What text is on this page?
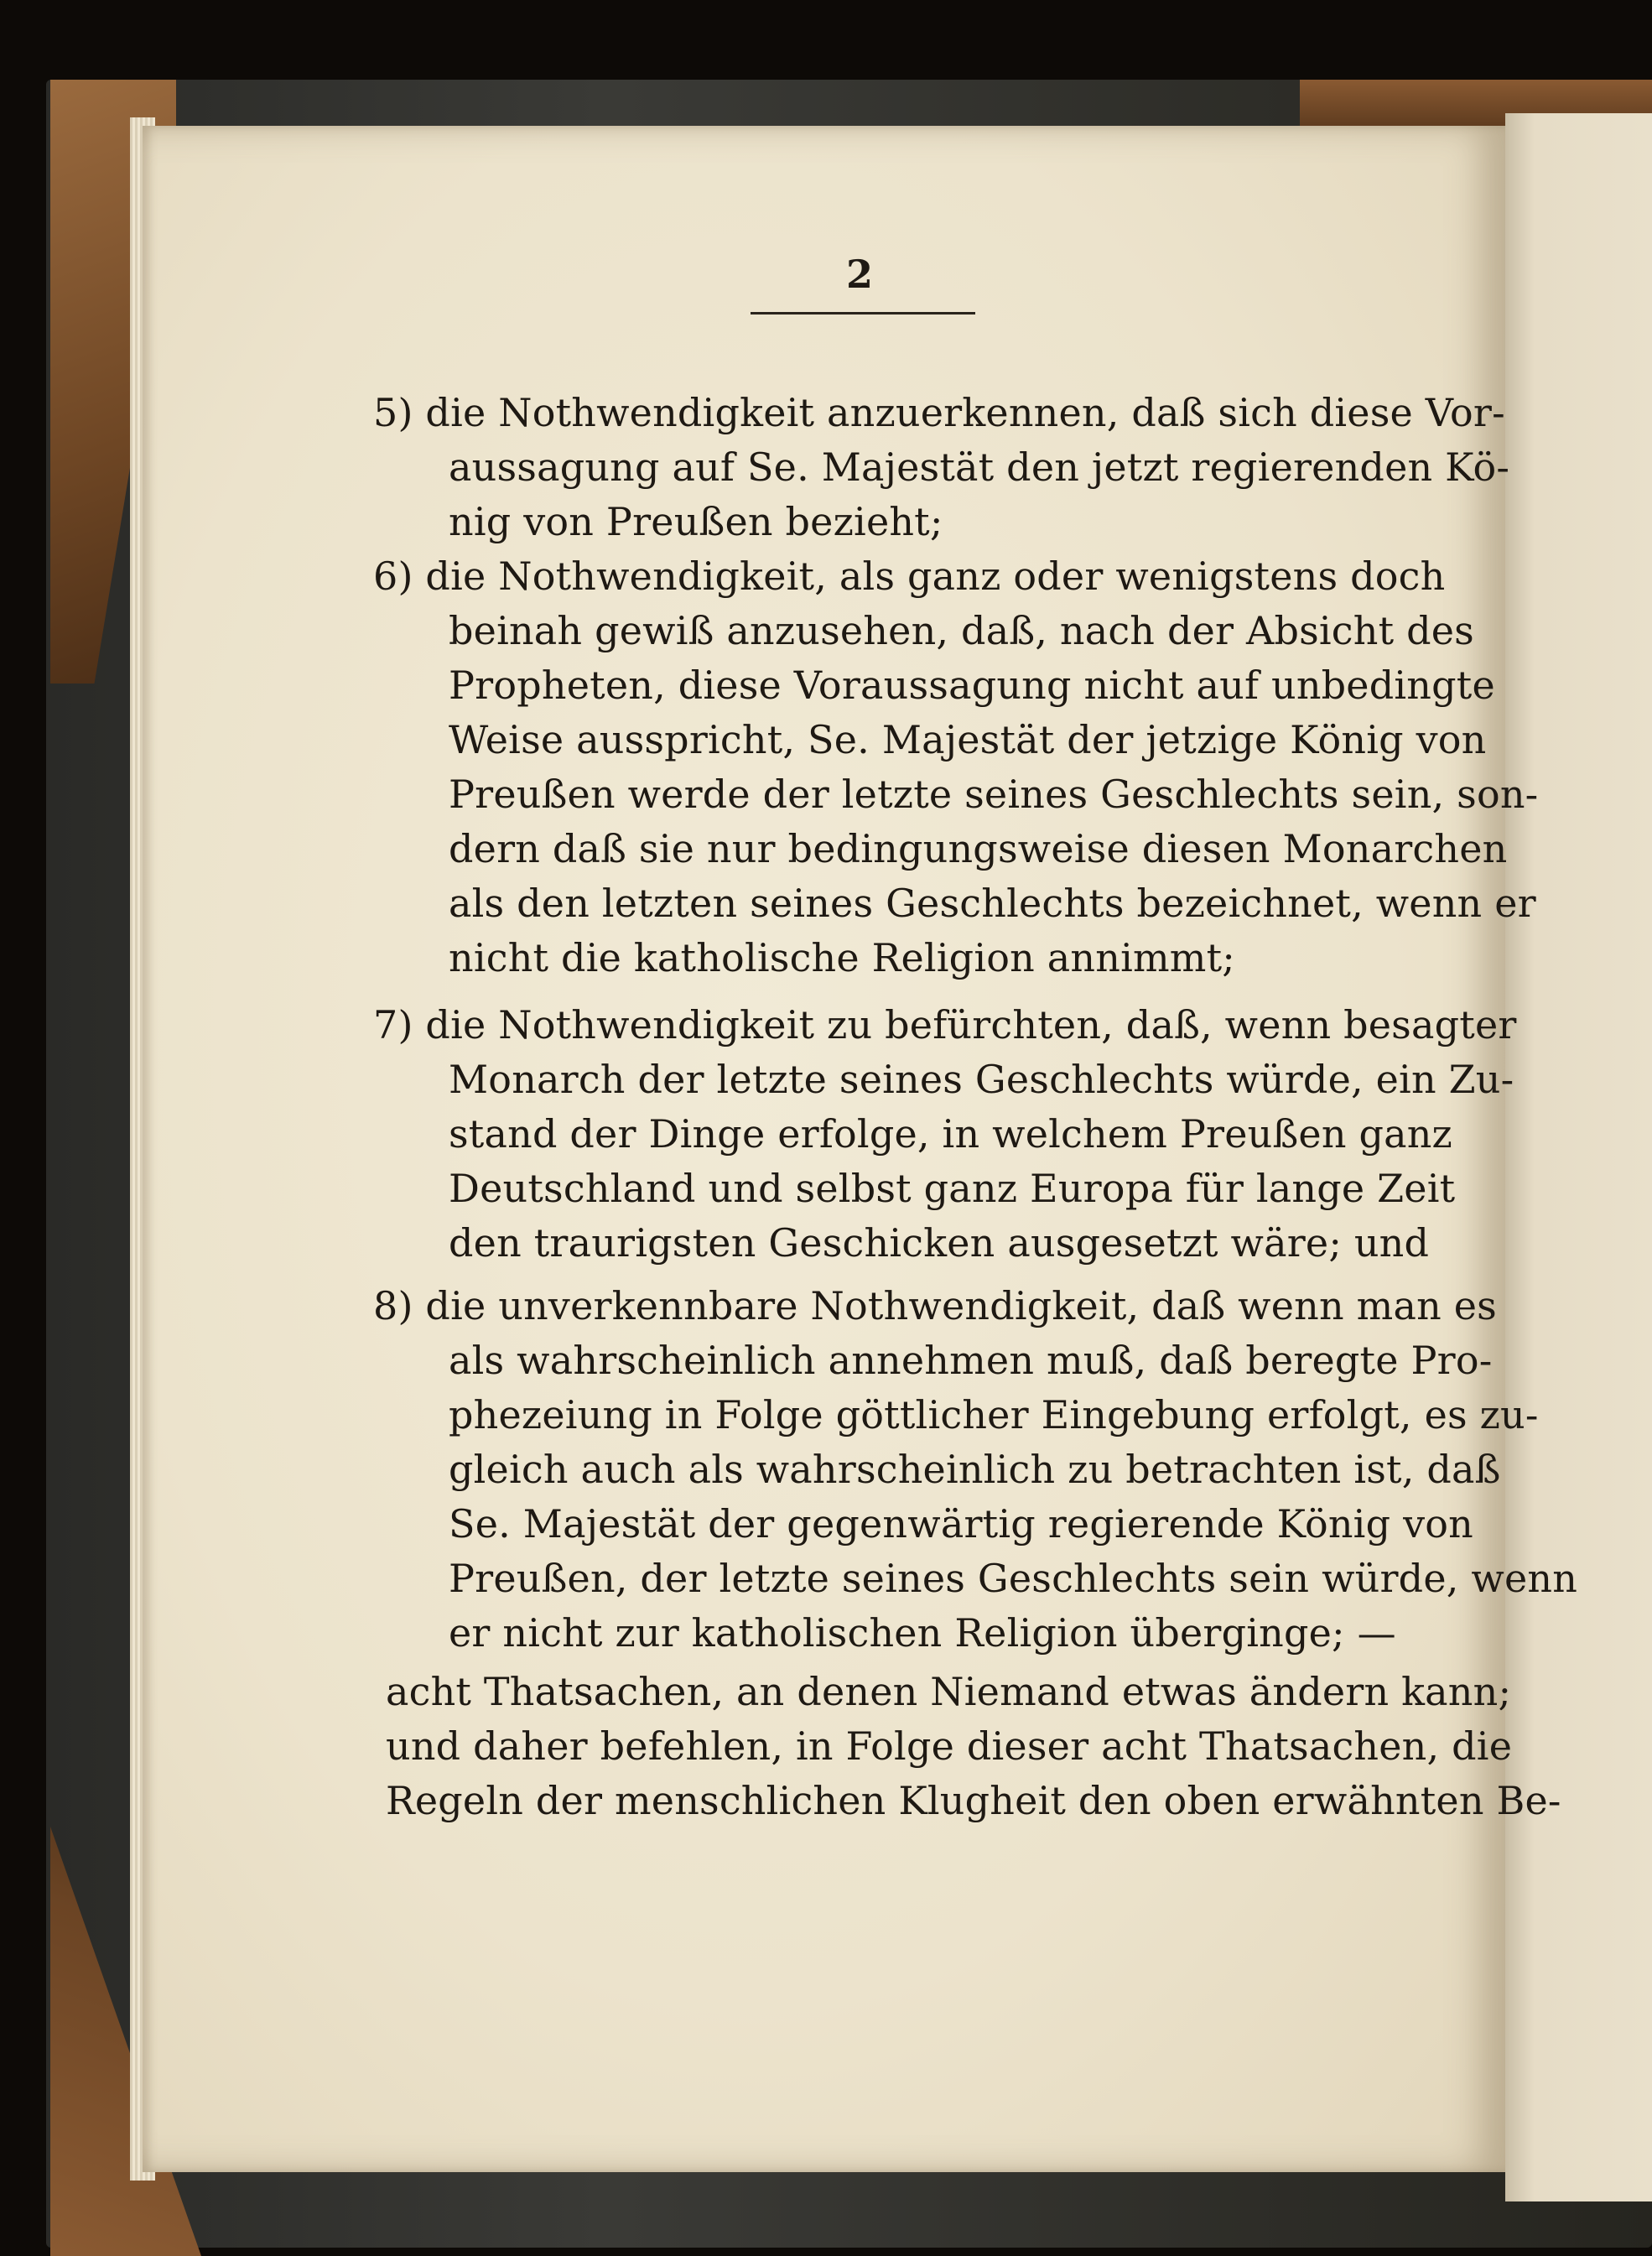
2
5) die Nothwendigkeit anzuerkennen, daß sich diese Vor-
aussagung auf Se. Majestät den jetzt regierenden Kö-
nig von Preußen bezieht;
6) die Nothwendigkeit, als ganz oder wenigstens doch
beinah gewiß anzusehen, daß, nach der Absicht des
Propheten, diese Voraussagung nicht auf unbedingte
Weise ausspricht, Se. Majestät der jetzige König von
Preußen werde der letzte seines Geschlechts sein, son-
dern daß sie nur bedingungsweise diesen Monarchen
als den letzten seines Geschlechts bezeichnet, wenn er
nicht die katholische Religion annimmt;
7) die Nothwendigkeit zu befürchten, daß, wenn besagter
Monarch der letzte seines Geschlechts würde, ein Zu-
stand der Dinge erfolge, in welchem Preußen ganz
Deutschland und selbst ganz Europa für lange Zeit
den traurigsten Geschicken ausgesetzt wäre; und
8) die unverkennbare Nothwendigkeit, daß wenn man es
als wahrscheinlich annehmen muß, daß beregte Pro-
phezeiung in Folge göttlicher Eingebung erfolgt, es zu-
gleich auch als wahrscheinlich zu betrachten ist, daß
Se. Majestät der gegenwärtig regierende König von
Preußen, der letzte seines Geschlechts sein würde, wenn
er nicht zur katholischen Religion überginge; —
acht Thatsachen, an denen Niemand etwas ändern kann;
und daher befehlen, in Folge dieser acht Thatsachen, die
Regeln der menschlichen Klugheit den oben erwähnten Be-
